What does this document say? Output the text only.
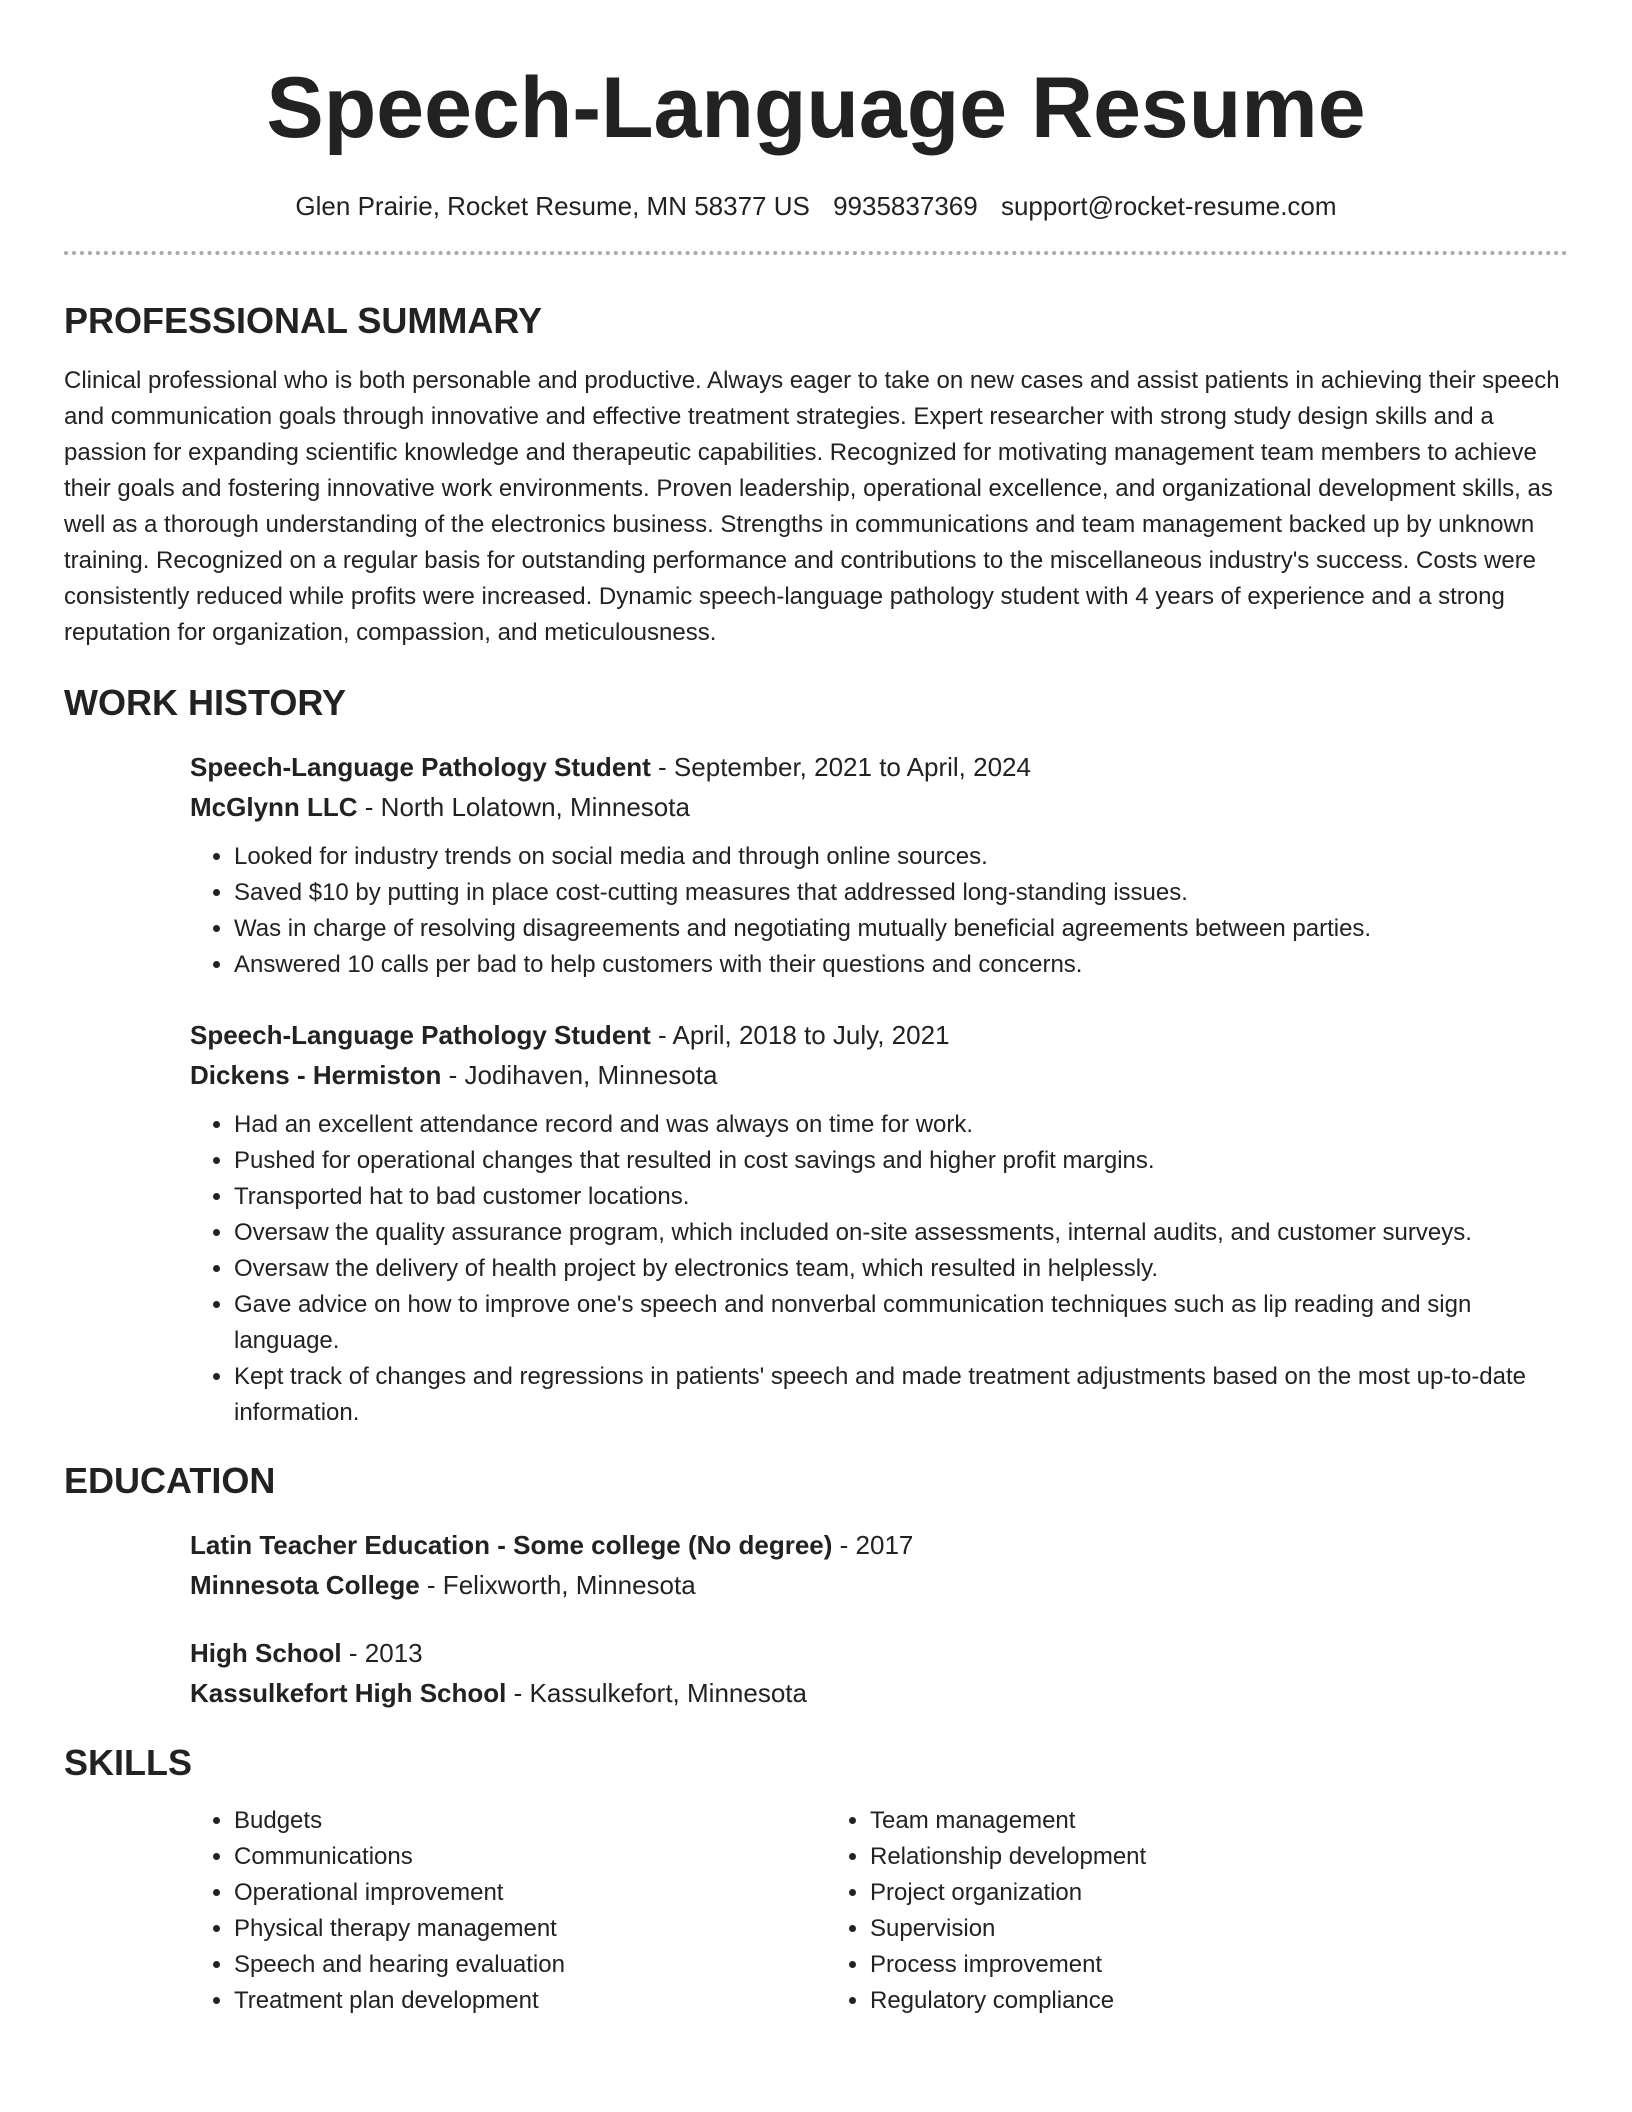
Speech-Language Resume
Glen Prairie, Rocket Resume, MN 58377 US 9935837369 support@rocket-resume.com
PROFESSIONAL SUMMARY

Clinical professional who is both personable and productive. Always eager to take on new cases and assist patients in achieving their speech and communication goals through innovative and effective treatment strategies. Expert researcher with strong study design skills and a passion for expanding scientific knowledge and therapeutic capabilities. Recognized for motivating management team members to achieve their goals and fostering innovative work environments. Proven leadership, operational excellence, and organizational development skills, as well as a thorough understanding of the electronics business. Strengths in communications and team management backed up by unknown training. Recognized on a regular basis for outstanding performance and contributions to the miscellaneous industry's success. Costs were consistently reduced while profits were increased. Dynamic speech-language pathology student with 4 years of experience and a strong reputation for organization, compassion, and meticulousness.

WORK HISTORY

Speech-Language Pathology Student - September, 2021 to April, 2024

McGlynn LLC - North Lolatown, Minnesota

• Looked for industry trends on social media and through online sources.
• Saved $10 by putting in place cost-cutting measures that addressed long-standing issues.
• Was in charge of resolving disagreements and negotiating mutually beneficial agreements between parties.
• Answered 10 calls per bad to help customers with their questions and concerns.

Speech-Language Pathology Student - April, 2018 to July, 2021

Dickens - Hermiston - Jodihaven, Minnesota

• Had an excellent attendance record and was always on time for work.
• Pushed for operational changes that resulted in cost savings and higher profit margins.
• Transported hat to bad customer locations.
• Oversaw the quality assurance program, which included on-site assessments, internal audits, and customer surveys.
• Oversaw the delivery of health project by electronics team, which resulted in helplessly.
• Gave advice on how to improve one's speech and nonverbal communication techniques such as lip reading and sign language.
• Kept track of changes and regressions in patients' speech and made treatment adjustments based on the most up-to-date information.
EDUCATION

Latin Teacher Education - Some college (No degree) - 2017

Minnesota College - Felixworth, Minnesota

High School - 2013

Kassulkefort High School - Kassulkefort, Minnesota

SKILLS
• Budgets
• Communications
• Operational improvement
• Physical therapy management
• Speech and hearing evaluation
• Treatment plan development
• Team management
• Relationship development
• Project organization
• Supervision
• Process improvement
• Regulatory compliance
